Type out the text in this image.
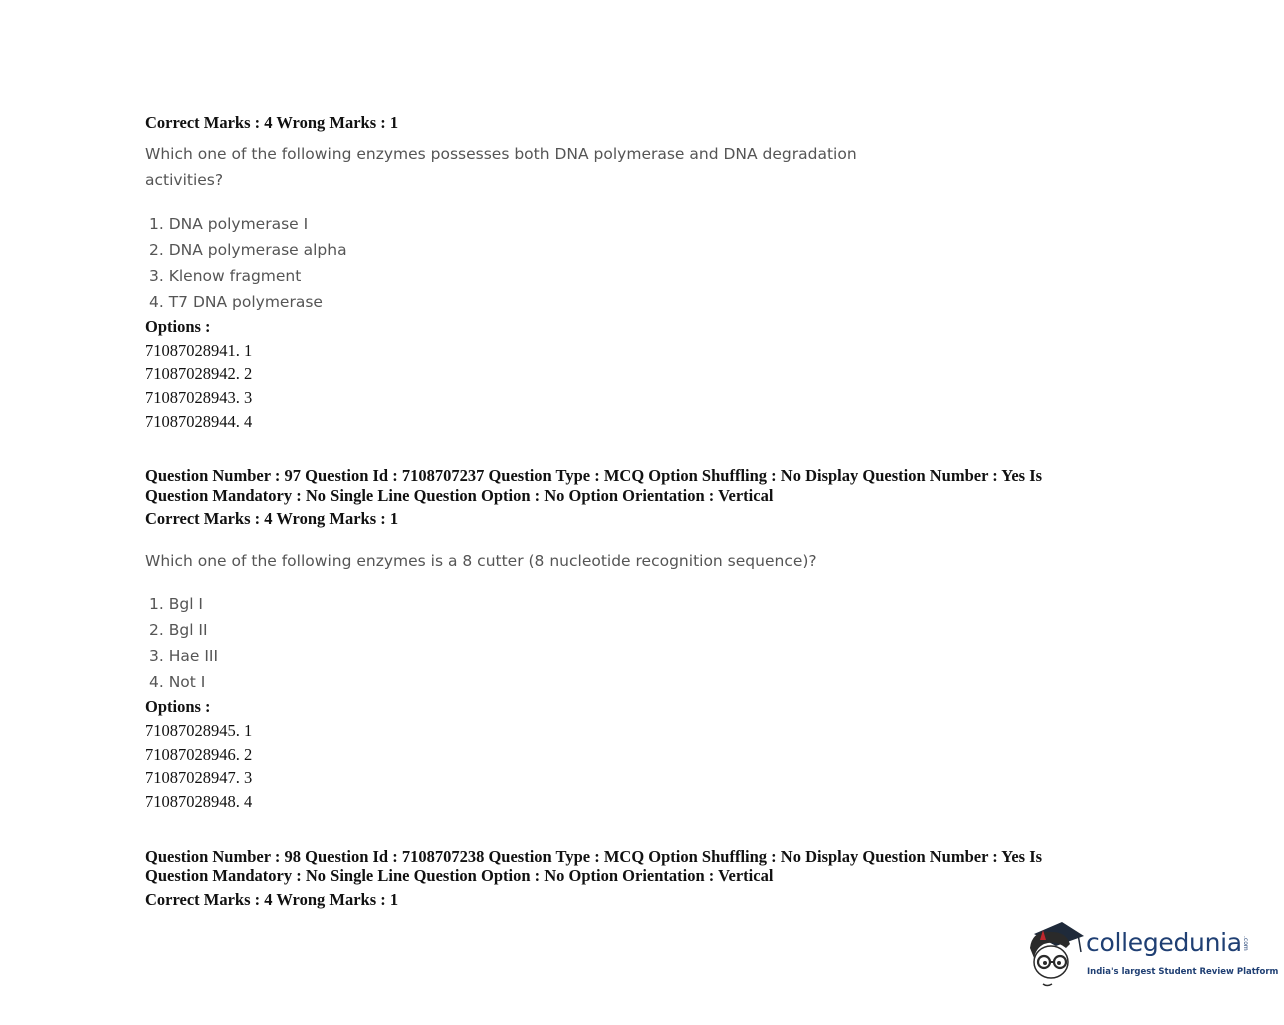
Correct Marks : 4 Wrong Marks : 1

Which one of the following enzymes possesses both DNA polymerase and DNA degradation

activities?

1. DNA polymerase I
2. DNA polymerase alpha
3. Klenow fragment
4. T7 DNA polymerase

Options :

71087028941. 1
71087028942. 2
71087028943. 3
71087028944. 4

Question Number : 97 Question Id : 7108707237 Question Type : MCQ Option Shuffling : No Display Question Number : Yes Is

Question Mandatory : No Single Line Question Option : No Option Orientation : Vertical

Correct Marks : 4 Wrong Marks : 1

Which one of the following enzymes is a 8 cutter (8 nucleotide recognition sequence)?

1. Bgl I
2. Bgl II
3. Hae III
4. Not I

Options :

71087028945. 1
71087028946. 2
71087028947. 3
71087028948. 4

Question Number : 98 Question Id : 7108707238 Question Type : MCQ Option Shuffling : No Display Question Number : Yes Is

Question Mandatory : No Single Line Question Option : No Option Orientation : Vertical

Correct Marks : 4 Wrong Marks : 1

collegedunia .com
India's largest Student Review Platform
